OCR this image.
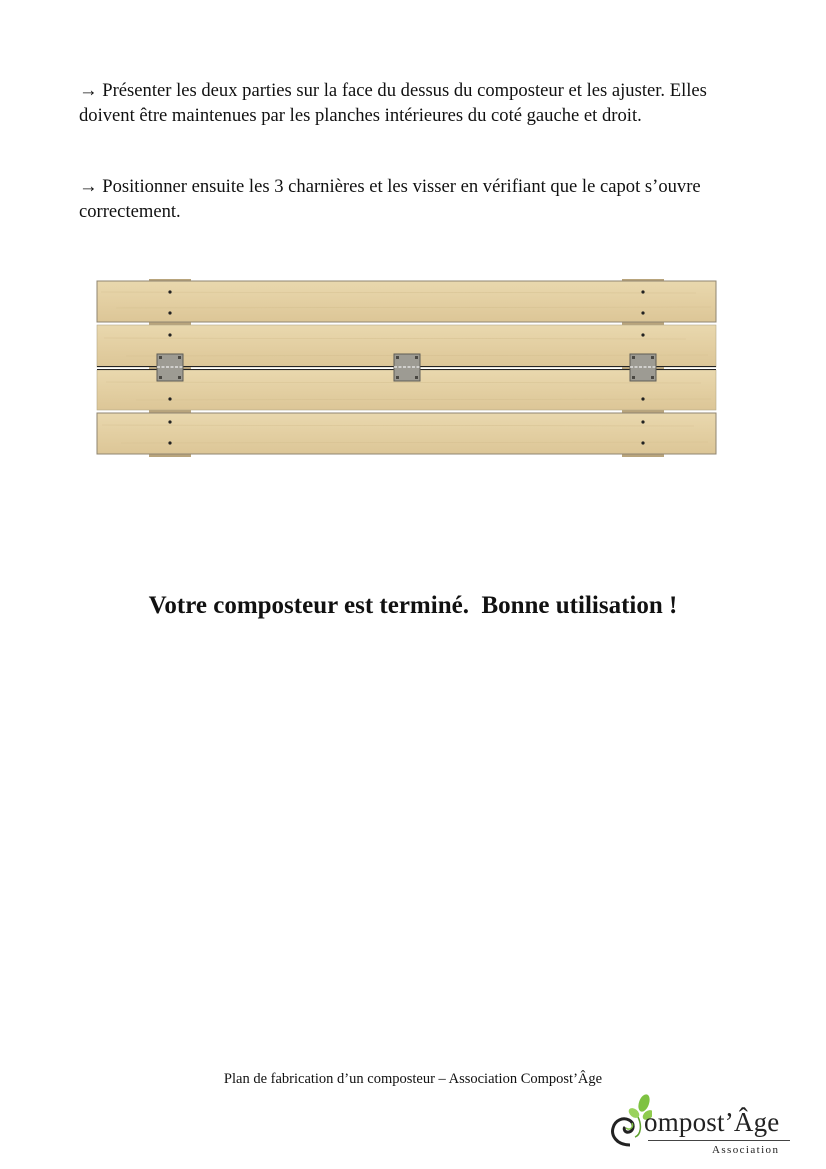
→ Présenter les deux parties sur la face du dessus du composteur et les ajuster. Elles doivent être maintenues par les planches intérieures du coté gauche et droit.

→ Positionner ensuite les 3 charnières et les visser en vérifiant que le capot s’ouvre correctement.

Votre composteur est terminé.  Bonne utilisation !

Plan de fabrication d’un composteur – Association Compost’Âge
ompost’Âge
Association
